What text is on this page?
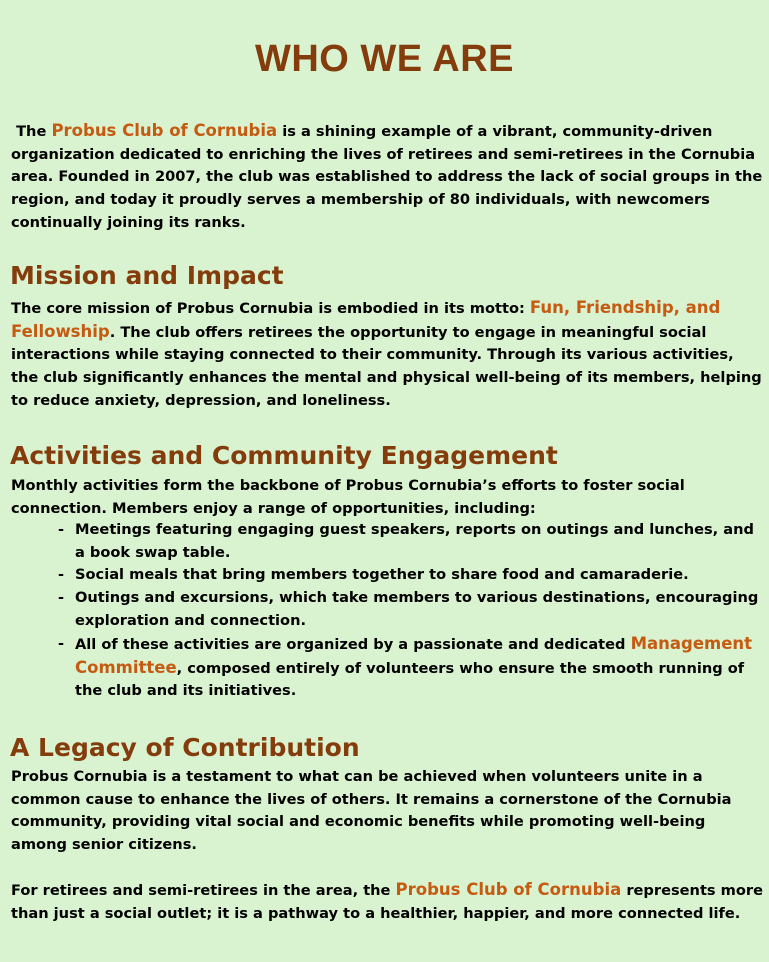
WHO WE ARE

The Probus Club of Cornubia is a shining example of a vibrant, community-driven organization dedicated to enriching the lives of retirees and semi-retirees in the Cornubia area. Founded in 2007, the club was established to address the lack of social groups in the region, and today it proudly serves a membership of 80 individuals, with newcomers continually joining its ranks.

Mission and Impact

The core mission of Probus Cornubia is embodied in its motto: Fun, Friendship, and Fellowship. The club offers retirees the opportunity to engage in meaningful social interactions while staying connected to their community. Through its various activities, the club significantly enhances the mental and physical well-being of its members, helping to reduce anxiety, depression, and loneliness.

Activities and Community Engagement

Monthly activities form the backbone of Probus Cornubia’s efforts to foster social connection. Members enjoy a range of opportunities, including:

- Meetings featuring engaging guest speakers, reports on outings and lunches, and a book swap table.
- Social meals that bring members together to share food and camaraderie.
- Outings and excursions, which take members to various destinations, encouraging exploration and connection.
- All of these activities are organized by a passionate and dedicated Management Committee, composed entirely of volunteers who ensure the smooth running of the club and its initiatives.
A Legacy of Contribution

Probus Cornubia is a testament to what can be achieved when volunteers unite in a common cause to enhance the lives of others. It remains a cornerstone of the Cornubia community, providing vital social and economic benefits while promoting well-being among senior citizens.

For retirees and semi-retirees in the area, the Probus Club of Cornubia represents more than just a social outlet; it is a pathway to a healthier, happier, and more connected life.
